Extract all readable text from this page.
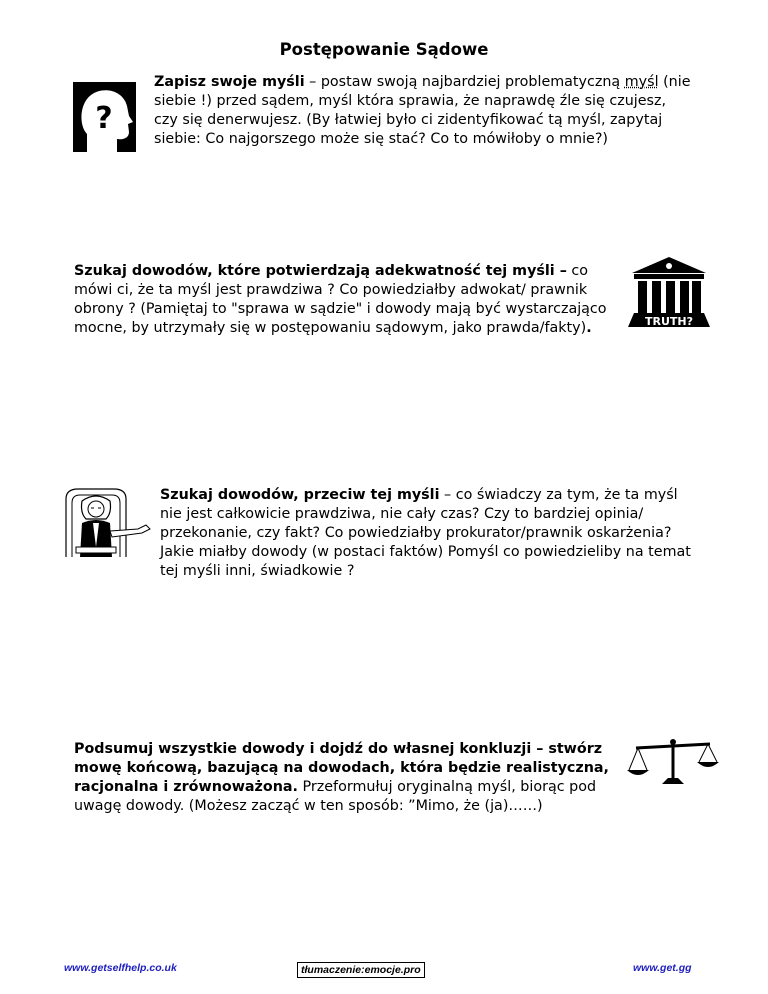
Postępowanie Sądowe
?
Zapisz swoje myśli – postaw swoją najbardziej problematyczną myśl (nie siebie !) przed sądem, myśl która sprawia, że naprawdę źle się czujesz, czy się denerwujesz. (By łatwiej było ci zidentyfikować tą myśl, zapytaj siebie: Co najgorszego może się stać? Co to mówiłoby o mnie?)
Szukaj dowodów, które potwierdzają adekwatność tej myśli – co mówi ci, że ta myśl jest prawdziwa ? Co powiedziałby adwokat/ prawnik obrony ? (Pamiętaj to "sprawa w sądzie" i dowody mają być wystarczająco mocne, by utrzymały się w postępowaniu sądowym, jako prawda/fakty).	TRUTH?
Szukaj dowodów, przeciw tej myśli – co świadczy za tym, że ta myśl nie jest całkowicie prawdziwa, nie cały czas? Czy to bardziej opinia/ przekonanie, czy fakt? Co powiedziałby prokurator/prawnik oskarżenia? Jakie miałby dowody (w postaci faktów) Pomyśl co powiedzieliby na temat tej myśli inni, świadkowie ?
Podsumuj wszystkie dowody i dojdź do własnej konkluzji – stwórz mowę końcową, bazującą na dowodach, która będzie realistyczna, racjonalna i zrównoważona. Przeformułuj oryginalną myśl, biorąc pod uwagę dowody. (Możesz zacząć w ten sposób: ”Mimo, że (ja)……)
www.getselfhelp.co.uk	tłumaczenie:emocje.pro	www.get.gg
